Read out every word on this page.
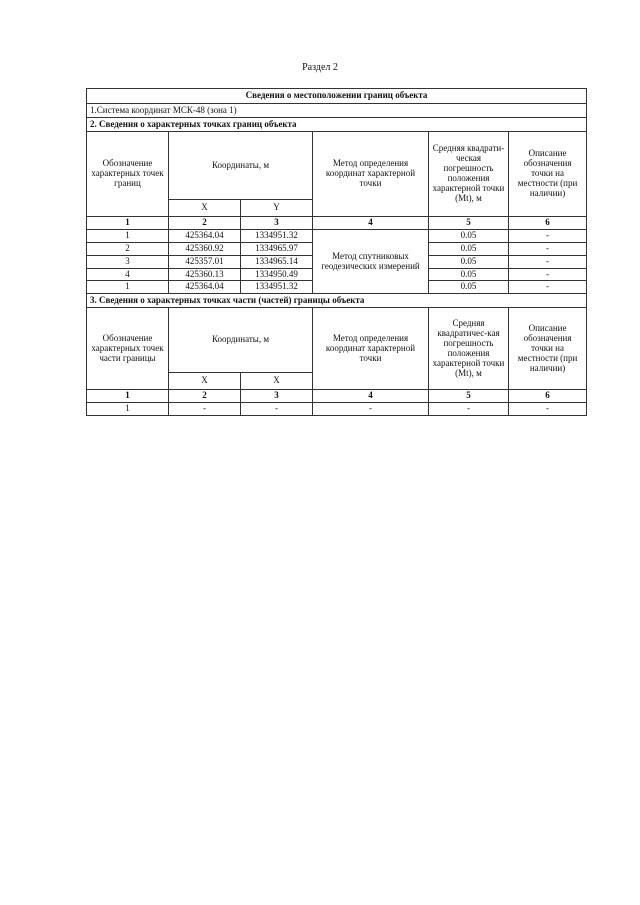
Раздел 2
Сведения о местоположении границ объекта					
1.Система координат МСК-48 (зона 1)					
2. Сведения о характерных точках границ объекта					
Обозначение характерных точек границ	Координаты, м		Метод определения координат характерной точки	Средняя квадрати-ческая погрешность положения характерной точки (Mt), м	Описание обозначения точки на местности (при наличии)
	X	Y			
1	2	3	4	5	6
1	425364.04	1334951.32	Метод спутниковых геодезических измерений	0.05	-
2	425360.92	1334965.97		0.05	-
3	425357.01	1334965.14		0.05	-
4	425360.13	1334950.49		0.05	-
1	425364.04	1334951.32		0.05	-
3. Сведения о характерных точках части (частей) границы объекта					
Обозначение характерных точек части границы	Координаты, м		Метод определения координат характерной точки	Средняя квадратичес-кая погрешность положения характерной точки (Mt), м	Описание обозначения точки на местности (при наличии)
	X	X			
1	2	3	4	5	6
1	-	-	-	-	-
